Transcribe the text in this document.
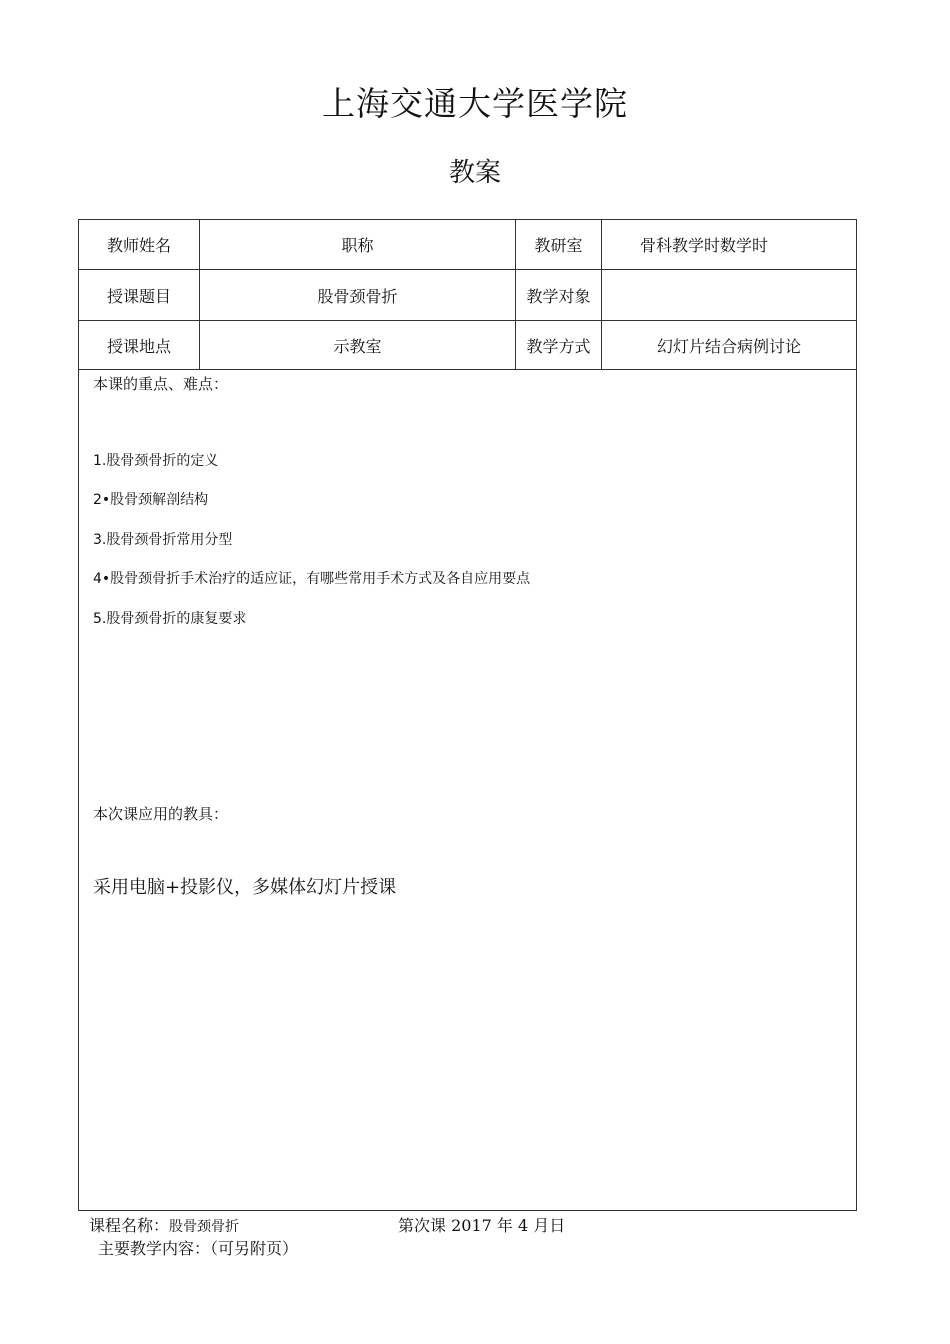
上海交通大学医学院
教案
教师姓名	职称	教研室	骨科教学时数学时
授课题目	股骨颈骨折	教学对象
授课地点	示教室	教学方式	幻灯片结合病例讨论
本课的重点、难点：
1.股骨颈骨折的定义
2•股骨颈解剖结构
3.股骨颈骨折常用分型
4•股骨颈骨折手术治疗的适应证，有哪些常用手术方式及各自应用要点
5.股骨颈骨折的康复要求
本次课应用的教具：
采用电脑+投影仪，多媒体幻灯片授课
课程名称：股骨颈骨折	第次课 2017 年 4 月日
主要教学内容：（可另附页）
